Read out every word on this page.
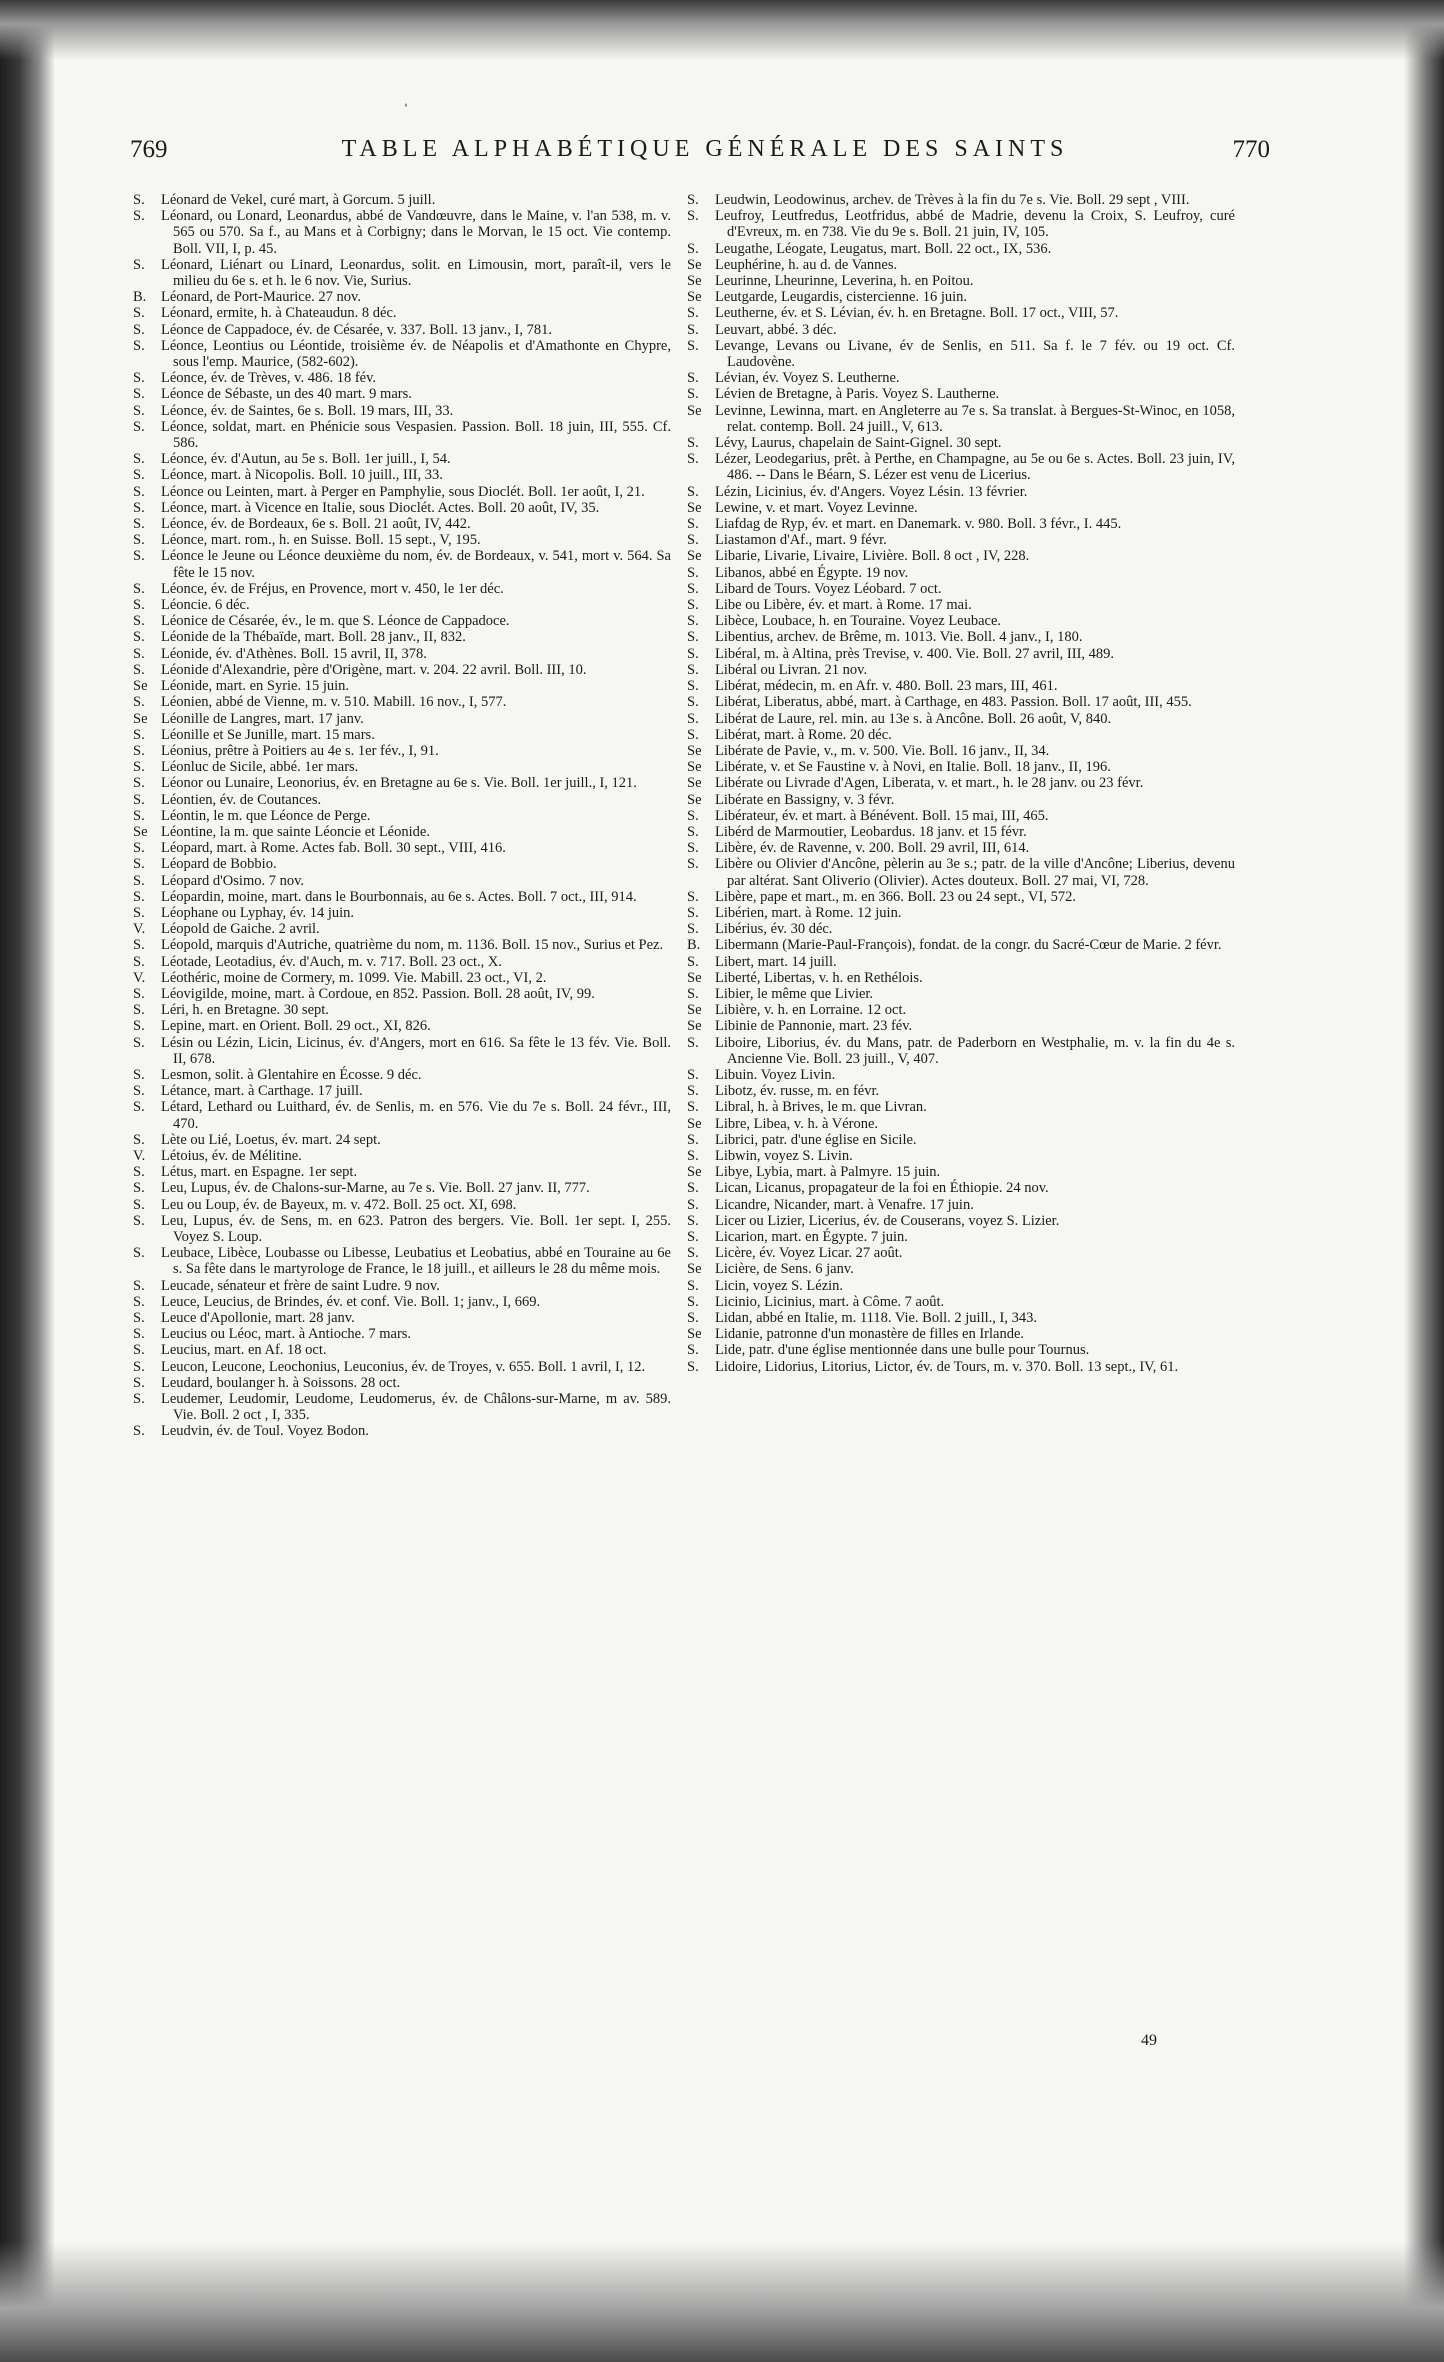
ˈ
769	TABLE ALPHABÉTIQUE GÉNÉRALE DES SAINTS	770
S. Léonard de Vekel, curé mart, à Gorcum. 5 juill.
S. Léonard, ou Lonard, Leonardus, abbé de Vandœuvre, dans le Maine, v. l'an 538, m. v. 565 ou 570. Sa f., au Mans et à Corbigny; dans le Morvan, le 15 oct. Vie contemp. Boll. VII, I, p. 45.
S. Léonard, Liénart ou Linard, Leonardus, solit. en Limousin, mort, paraît-il, vers le milieu du 6e s. et h. le 6 nov. Vie, Surius.
B. Léonard, de Port-Maurice. 27 nov.
S. Léonard, ermite, h. à Chateaudun. 8 déc.
S. Léonce de Cappadoce, év. de Césarée, v. 337. Boll. 13 janv., I, 781.
S. Léonce, Leontius ou Léontide, troisième év. de Néapolis et d'Amathonte en Chypre, sous l'emp. Maurice, (582-602).
S. Léonce, év. de Trèves, v. 486. 18 fév.
S. Léonce de Sébaste, un des 40 mart. 9 mars.
S. Léonce, év. de Saintes, 6e s. Boll. 19 mars, III, 33.
S. Léonce, soldat, mart. en Phénicie sous Vespasien. Passion. Boll. 18 juin, III, 555. Cf. 586.
S. Léonce, év. d'Autun, au 5e s. Boll. 1er juill., I, 54.
S. Léonce, mart. à Nicopolis. Boll. 10 juill., III, 33.
S. Léonce ou Leinten, mart. à Perger en Pamphylie, sous Dioclét. Boll. 1er août, I, 21.
S. Léonce, mart. à Vicence en Italie, sous Dioclét. Actes. Boll. 20 août, IV, 35.
S. Léonce, év. de Bordeaux, 6e s. Boll. 21 août, IV, 442.
S. Léonce, mart. rom., h. en Suisse. Boll. 15 sept., V, 195.
S. Léonce le Jeune ou Léonce deuxième du nom, év. de Bordeaux, v. 541, mort v. 564. Sa fête le 15 nov.
S. Léonce, év. de Fréjus, en Provence, mort v. 450, le 1er déc.
S. Léoncie. 6 déc.
S. Léonice de Césarée, év., le m. que S. Léonce de Cappadoce.
S. Léonide de la Thébaïde, mart. Boll. 28 janv., II, 832.
S. Léonide, év. d'Athènes. Boll. 15 avril, II, 378.
S. Léonide d'Alexandrie, père d'Origène, mart. v. 204. 22 avril. Boll. III, 10.
Se Léonide, mart. en Syrie. 15 juin.
S. Léonien, abbé de Vienne, m. v. 510. Mabill. 16 nov., I, 577.
Se Léonille de Langres, mart. 17 janv.
S. Léonille et Se Junille, mart. 15 mars.
S. Léonius, prêtre à Poitiers au 4e s. 1er fév., I, 91.
S. Léonluc de Sicile, abbé. 1er mars.
S. Léonor ou Lunaire, Leonorius, év. en Bretagne au 6e s. Vie. Boll. 1er juill., I, 121.
S. Léontien, év. de Coutances.
S. Léontin, le m. que Léonce de Perge.
Se Léontine, la m. que sainte Léoncie et Léonide.
S. Léopard, mart. à Rome. Actes fab. Boll. 30 sept., VIII, 416.
S. Léopard de Bobbio.
S. Léopard d'Osimo. 7 nov.
S. Léopardin, moine, mart. dans le Bourbonnais, au 6e s. Actes. Boll. 7 oct., III, 914.
S. Léophane ou Lyphay, év. 14 juin.
V. Léopold de Gaiche. 2 avril.
S. Léopold, marquis d'Autriche, quatrième du nom, m. 1136. Boll. 15 nov., Surius et Pez.
S. Léotade, Leotadius, év. d'Auch, m. v. 717. Boll. 23 oct., X.
V. Léothéric, moine de Cormery, m. 1099. Vie. Mabill. 23 oct., VI, 2.
S. Léovigilde, moine, mart. à Cordoue, en 852. Passion. Boll. 28 août, IV, 99.
S. Léri, h. en Bretagne. 30 sept.
S. Lepine, mart. en Orient. Boll. 29 oct., XI, 826.
S. Lésin ou Lézin, Licin, Licinus, év. d'Angers, mort en 616. Sa fête le 13 fév. Vie. Boll. II, 678.
S. Lesmon, solit. à Glentahire en Écosse. 9 déc.
S. Létance, mart. à Carthage. 17 juill.
S. Létard, Lethard ou Luithard, év. de Senlis, m. en 576. Vie du 7e s. Boll. 24 févr., III, 470.
S. Lète ou Lié, Loetus, év. mart. 24 sept.
V. Létoius, év. de Mélitine.
S. Létus, mart. en Espagne. 1er sept.
S. Leu, Lupus, év. de Chalons-sur-Marne, au 7e s. Vie. Boll. 27 janv. II, 777.
S. Leu ou Loup, év. de Bayeux, m. v. 472. Boll. 25 oct. XI, 698.
S. Leu, Lupus, év. de Sens, m. en 623. Patron des bergers. Vie. Boll. 1er sept. I, 255. Voyez S. Loup.
S. Leubace, Libèce, Loubasse ou Libesse, Leubatius et Leobatius, abbé en Touraine au 6e s. Sa fête dans le martyrologe de France, le 18 juill., et ailleurs le 28 du même mois.
S. Leucade, sénateur et frère de saint Ludre. 9 nov.
S. Leuce, Leucius, de Brindes, év. et conf. Vie. Boll. 1; janv., I, 669.
S. Leuce d'Apollonie, mart. 28 janv.
S. Leucius ou Léoc, mart. à Antioche. 7 mars.
S. Leucius, mart. en Af. 18 oct.
S. Leucon, Leucone, Leochonius, Leuconius, év. de Troyes, v. 655. Boll. 1 avril, I, 12.
S. Leudard, boulanger h. à Soissons. 28 oct.
S. Leudemer, Leudomir, Leudome, Leudomerus, év. de Châlons-sur-Marne, m av. 589. Vie. Boll. 2 oct , I, 335.
S. Leudvin, év. de Toul. Voyez Bodon.
S. Leudwin, Leodowinus, archev. de Trèves à la fin du 7e s. Vie. Boll. 29 sept , VIII.
S. Leufroy, Leutfredus, Leotfridus, abbé de Madrie, devenu la Croix, S. Leufroy, curé d'Evreux, m. en 738. Vie du 9e s. Boll. 21 juin, IV, 105.
S. Leugathe, Léogate, Leugatus, mart. Boll. 22 oct., IX, 536.
Se Leuphérine, h. au d. de Vannes.
Se Leurinne, Lheurinne, Leverina, h. en Poitou.
Se Leutgarde, Leugardis, cistercienne. 16 juin.
S. Leutherne, év. et S. Lévian, év. h. en Bretagne. Boll. 17 oct., VIII, 57.
S. Leuvart, abbé. 3 déc.
S. Levange, Levans ou Livane, év de Senlis, en 511. Sa f. le 7 fév. ou 19 oct. Cf. Laudovène.
S. Lévian, év. Voyez S. Leutherne.
S. Lévien de Bretagne, à Paris. Voyez S. Lautherne.
Se Levinne, Lewinna, mart. en Angleterre au 7e s. Sa translat. à Bergues-St-Winoc, en 1058, relat. contemp. Boll. 24 juill., V, 613.
S. Lévy, Laurus, chapelain de Saint-Gignel. 30 sept.
S. Lézer, Leodegarius, prêt. à Perthe, en Champagne, au 5e ou 6e s. Actes. Boll. 23 juin, IV, 486. -- Dans le Béarn, S. Lézer est venu de Licerius.
S. Lézin, Licinius, év. d'Angers. Voyez Lésin. 13 février.
Se Lewine, v. et mart. Voyez Levinne.
S. Liafdag de Ryp, év. et mart. en Danemark. v. 980. Boll. 3 févr., I. 445.
S. Liastamon d'Af., mart. 9 févr.
Se Libarie, Livarie, Livaire, Livière. Boll. 8 oct , IV, 228.
S. Libanos, abbé en Égypte. 19 nov.
S. Libard de Tours. Voyez Léobard. 7 oct.
S. Libe ou Libère, év. et mart. à Rome. 17 mai.
S. Libèce, Loubace, h. en Touraine. Voyez Leubace.
S. Libentius, archev. de Brême, m. 1013. Vie. Boll. 4 janv., I, 180.
S. Libéral, m. à Altina, près Trevise, v. 400. Vie. Boll. 27 avril, III, 489.
S. Libéral ou Livran. 21 nov.
S. Libérat, médecin, m. en Afr. v. 480. Boll. 23 mars, III, 461.
S. Libérat, Liberatus, abbé, mart. à Carthage, en 483. Passion. Boll. 17 août, III, 455.
S. Libérat de Laure, rel. min. au 13e s. à Ancône. Boll. 26 août, V, 840.
S. Libérat, mart. à Rome. 20 déc.
Se Libérate de Pavie, v., m. v. 500. Vie. Boll. 16 janv., II, 34.
Se Libérate, v. et Se Faustine v. à Novi, en Italie. Boll. 18 janv., II, 196.
Se Libérate ou Livrade d'Agen, Liberata, v. et mart., h. le 28 janv. ou 23 févr.
Se Libérate en Bassigny, v. 3 févr.
S. Libérateur, év. et mart. à Bénévent. Boll. 15 mai, III, 465.
S. Libérd de Marmoutier, Leobardus. 18 janv. et 15 févr.
S. Libère, év. de Ravenne, v. 200. Boll. 29 avril, III, 614.
S. Libère ou Olivier d'Ancône, pèlerin au 3e s.; patr. de la ville d'Ancône; Liberius, devenu par altérat. Sant Oliverio (Olivier). Actes douteux. Boll. 27 mai, VI, 728.
S. Libère, pape et mart., m. en 366. Boll. 23 ou 24 sept., VI, 572.
S. Libérien, mart. à Rome. 12 juin.
S. Libérius, év. 30 déc.
B. Libermann (Marie-Paul-François), fondat. de la congr. du Sacré-Cœur de Marie. 2 févr.
S. Libert, mart. 14 juill.
Se Liberté, Libertas, v. h. en Rethélois.
S. Libier, le même que Livier.
Se Libière, v. h. en Lorraine. 12 oct.
Se Libinie de Pannonie, mart. 23 fév.
S. Liboire, Liborius, év. du Mans, patr. de Paderborn en Westphalie, m. v. la fin du 4e s. Ancienne Vie. Boll. 23 juill., V, 407.
S. Libuin. Voyez Livin.
S. Libotz, év. russe, m. en févr.
S. Libral, h. à Brives, le m. que Livran.
Se Libre, Libea, v. h. à Vérone.
S. Librici, patr. d'une église en Sicile.
S. Libwin, voyez S. Livin.
Se Libye, Lybia, mart. à Palmyre. 15 juin.
S. Lican, Licanus, propagateur de la foi en Éthiopie. 24 nov.
S. Licandre, Nicander, mart. à Venafre. 17 juin.
S. Licer ou Lizier, Licerius, év. de Couserans, voyez S. Lizier.
S. Licarion, mart. en Égypte. 7 juin.
S. Licère, év. Voyez Licar. 27 août.
Se Licière, de Sens. 6 janv.
S. Licin, voyez S. Lézin.
S. Licinio, Licinius, mart. à Côme. 7 août.
S. Lidan, abbé en Italie, m. 1118. Vie. Boll. 2 juill., I, 343.
Se Lidanie, patronne d'un monastère de filles en Irlande.
S. Lide, patr. d'une église mentionnée dans une bulle pour Tournus.
S. Lidoire, Lidorius, Litorius, Lictor, év. de Tours, m. v. 370. Boll. 13 sept., IV, 61.
49
